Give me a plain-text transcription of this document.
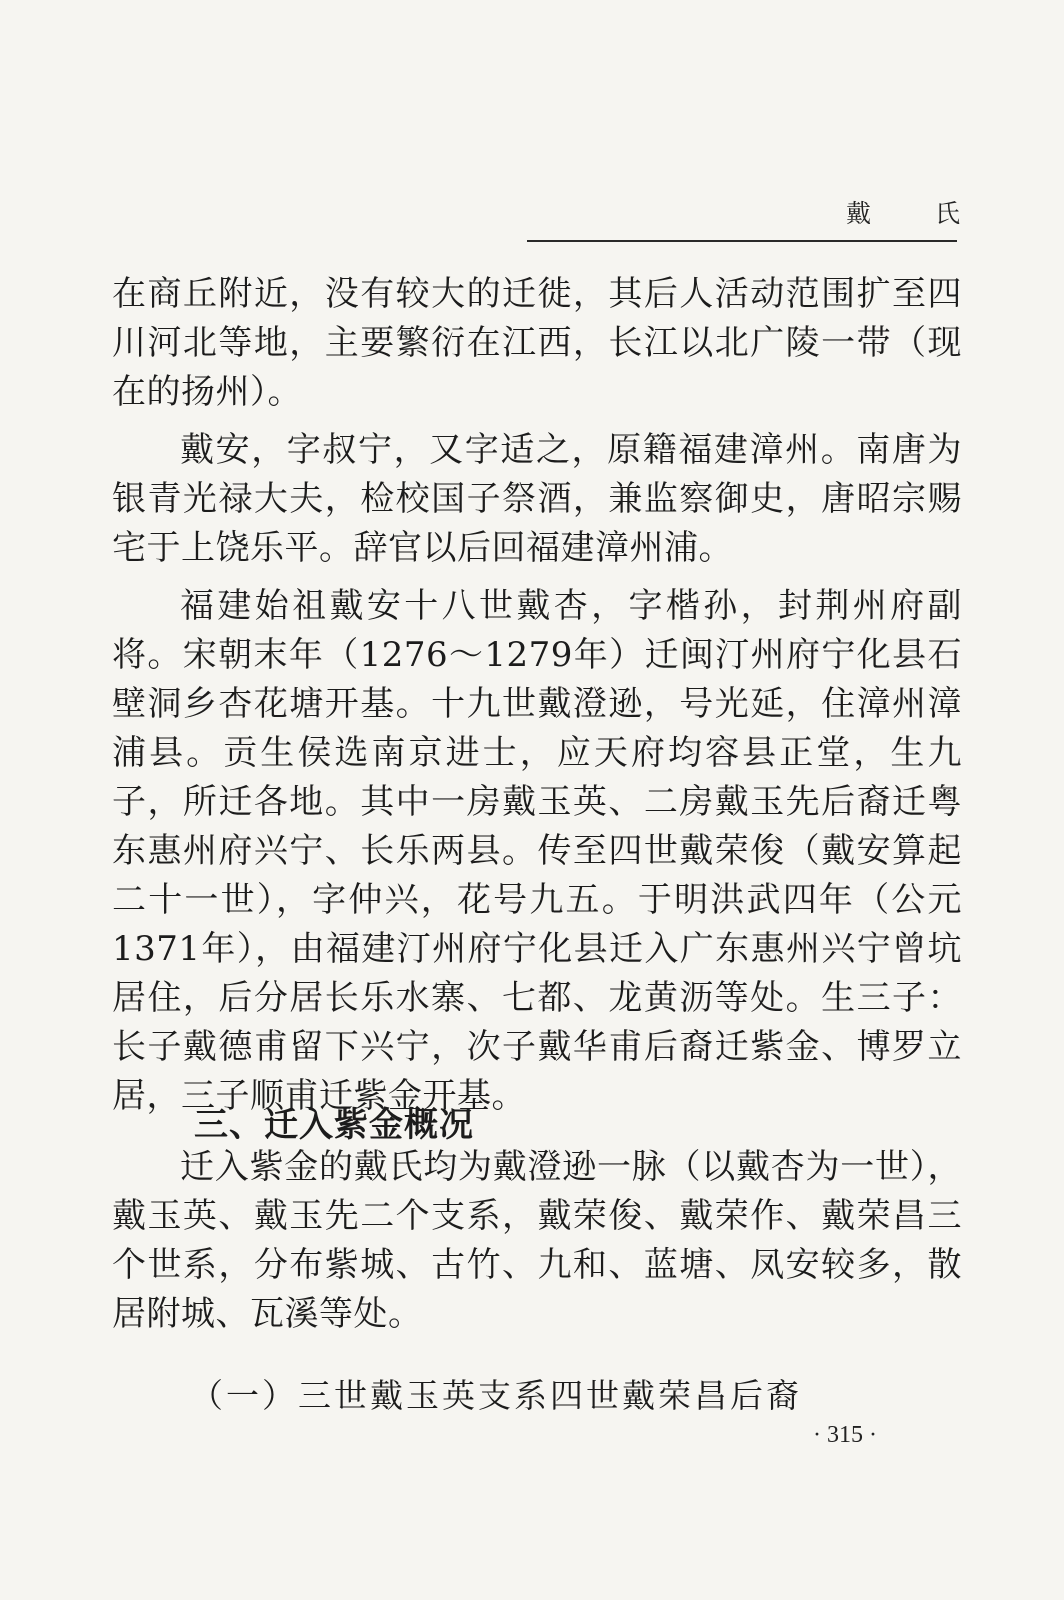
戴 氏

在商丘附近，没有较大的迁徙，其后人活动范围扩至四川河北等地，主要繁衍在江西，长江以北广陵一带（现在的扬州）。

戴安，字叔宁，又字适之，原籍福建漳州。南唐为银青光禄大夫，检校国子祭酒，兼监察御史，唐昭宗赐宅于上饶乐平。辞官以后回福建漳州浦。

福建始祖戴安十八世戴杏，字楷孙，封荆州府副将。宋朝末年（1276～1279年）迁闽汀州府宁化县石壁洞乡杏花塘开基。十九世戴澄逊，号光延，住漳州漳浦县。贡生侯选南京进士，应天府均容县正堂，生九子，所迁各地。其中一房戴玉英、二房戴玉先后裔迁粤东惠州府兴宁、长乐两县。传至四世戴荣俊（戴安算起二十一世），字仲兴，花号九五。于明洪武四年（公元1371年），由福建汀州府宁化县迁入广东惠州兴宁曾坑居住，后分居长乐水寨、七都、龙黄沥等处。生三子：长子戴德甫留下兴宁，次子戴华甫后裔迁紫金、博罗立居，三子顺甫迁紫金开基。

三、迁入紫金概况

迁入紫金的戴氏均为戴澄逊一脉（以戴杏为一世），戴玉英、戴玉先二个支系，戴荣俊、戴荣作、戴荣昌三个世系，分布紫城、古竹、九和、蓝塘、凤安较多，散居附城、瓦溪等处。

（一）三世戴玉英支系四世戴荣昌后裔
· 315 ·
